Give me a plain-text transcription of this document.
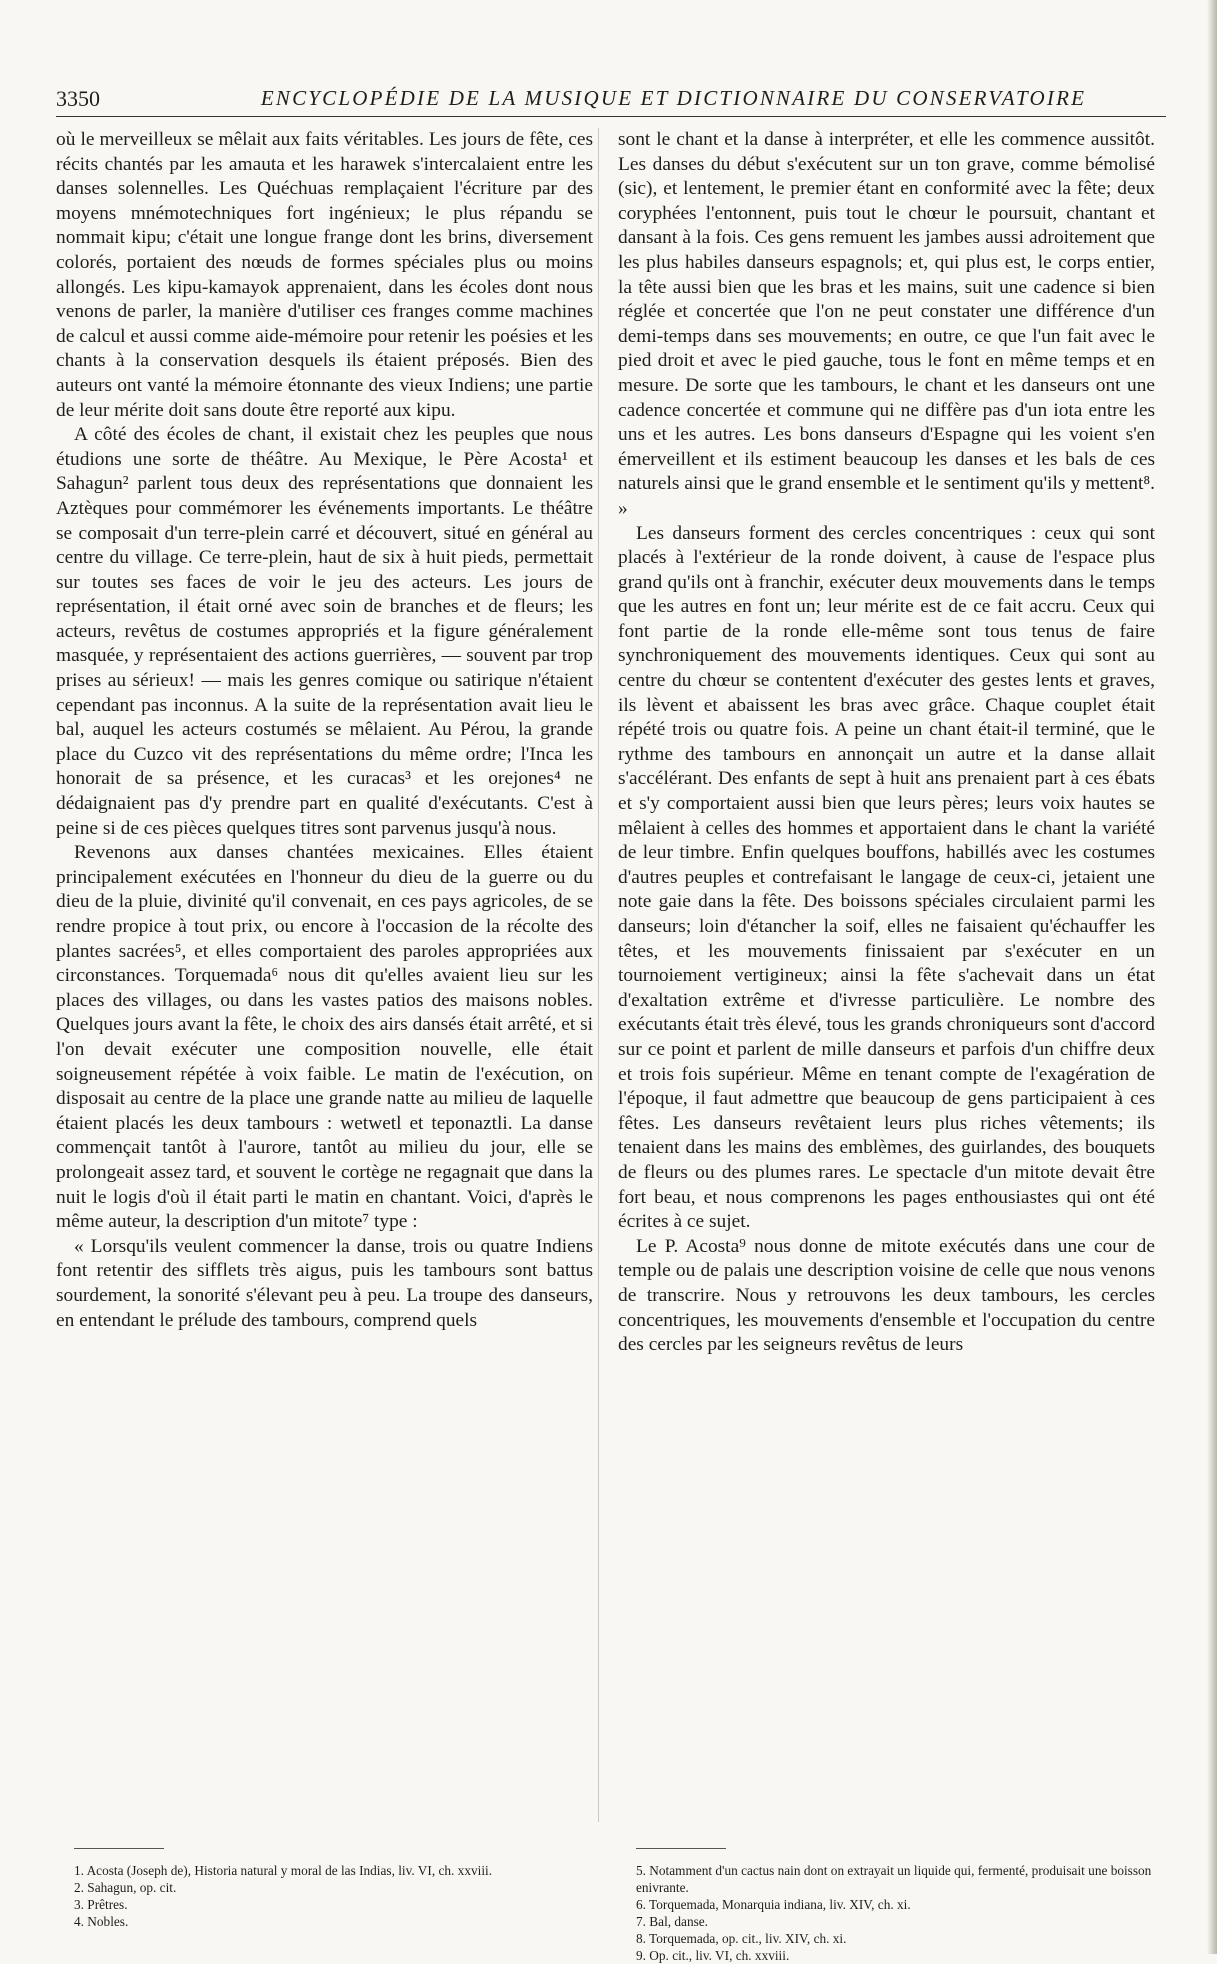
3350	ENCYCLOPÉDIE DE LA MUSIQUE ET DICTIONNAIRE DU CONSERVATOIRE

où le merveilleux se mêlait aux faits véritables. Les jours de fête, ces récits chantés par les amauta et les harawek s'intercalaient entre les danses solennelles. Les Quéchuas remplaçaient l'écriture par des moyens mnémotechniques fort ingénieux; le plus répandu se nommait kipu; c'était une longue frange dont les brins, diversement colorés, portaient des nœuds de formes spéciales plus ou moins allongés. Les kipu-kamayok apprenaient, dans les écoles dont nous venons de parler, la manière d'utiliser ces franges comme machines de calcul et aussi comme aide-mémoire pour retenir les poésies et les chants à la conservation desquels ils étaient préposés. Bien des auteurs ont vanté la mémoire étonnante des vieux Indiens; une partie de leur mérite doit sans doute être reporté aux kipu.

A côté des écoles de chant, il existait chez les peuples que nous étudions une sorte de théâtre. Au Mexique, le Père Acosta¹ et Sahagun² parlent tous deux des représentations que donnaient les Aztèques pour commémorer les événements importants. Le théâtre se composait d'un terre-plein carré et découvert, situé en général au centre du village. Ce terre-plein, haut de six à huit pieds, permettait sur toutes ses faces de voir le jeu des acteurs. Les jours de représentation, il était orné avec soin de branches et de fleurs; les acteurs, revêtus de costumes appropriés et la figure généralement masquée, y représentaient des actions guerrières, — souvent par trop prises au sérieux! — mais les genres comique ou satirique n'étaient cependant pas inconnus. A la suite de la représentation avait lieu le bal, auquel les acteurs costumés se mêlaient. Au Pérou, la grande place du Cuzco vit des représentations du même ordre; l'Inca les honorait de sa présence, et les curacas³ et les orejones⁴ ne dédaignaient pas d'y prendre part en qualité d'exécutants. C'est à peine si de ces pièces quelques titres sont parvenus jusqu'à nous.

Revenons aux danses chantées mexicaines. Elles étaient principalement exécutées en l'honneur du dieu de la guerre ou du dieu de la pluie, divinité qu'il convenait, en ces pays agricoles, de se rendre propice à tout prix, ou encore à l'occasion de la récolte des plantes sacrées⁵, et elles comportaient des paroles appropriées aux circonstances. Torquemada⁶ nous dit qu'elles avaient lieu sur les places des villages, ou dans les vastes patios des maisons nobles. Quelques jours avant la fête, le choix des airs dansés était arrêté, et si l'on devait exécuter une composition nouvelle, elle était soigneusement répétée à voix faible. Le matin de l'exécution, on disposait au centre de la place une grande natte au milieu de laquelle étaient placés les deux tambours : wetwetl et teponaztli. La danse commençait tantôt à l'aurore, tantôt au milieu du jour, elle se prolongeait assez tard, et souvent le cortège ne regagnait que dans la nuit le logis d'où il était parti le matin en chantant. Voici, d'après le même auteur, la description d'un mitote⁷ type :

« Lorsqu'ils veulent commencer la danse, trois ou quatre Indiens font retentir des sifflets très aigus, puis les tambours sont battus sourdement, la sonorité s'élevant peu à peu. La troupe des danseurs, en entendant le prélude des tambours, comprend quels

sont le chant et la danse à interpréter, et elle les commence aussitôt. Les danses du début s'exécutent sur un ton grave, comme bémolisé (sic), et lentement, le premier étant en conformité avec la fête; deux coryphées l'entonnent, puis tout le chœur le poursuit, chantant et dansant à la fois. Ces gens remuent les jambes aussi adroitement que les plus habiles danseurs espagnols; et, qui plus est, le corps entier, la tête aussi bien que les bras et les mains, suit une cadence si bien réglée et concertée que l'on ne peut constater une différence d'un demi-temps dans ses mouvements; en outre, ce que l'un fait avec le pied droit et avec le pied gauche, tous le font en même temps et en mesure. De sorte que les tambours, le chant et les danseurs ont une cadence concertée et commune qui ne diffère pas d'un iota entre les uns et les autres. Les bons danseurs d'Espagne qui les voient s'en émerveillent et ils estiment beaucoup les danses et les bals de ces naturels ainsi que le grand ensemble et le sentiment qu'ils y mettent⁸. »

Les danseurs forment des cercles concentriques : ceux qui sont placés à l'extérieur de la ronde doivent, à cause de l'espace plus grand qu'ils ont à franchir, exécuter deux mouvements dans le temps que les autres en font un; leur mérite est de ce fait accru. Ceux qui font partie de la ronde elle-même sont tous tenus de faire synchroniquement des mouvements identiques. Ceux qui sont au centre du chœur se contentent d'exécuter des gestes lents et graves, ils lèvent et abaissent les bras avec grâce. Chaque couplet était répété trois ou quatre fois. A peine un chant était-il terminé, que le rythme des tambours en annonçait un autre et la danse allait s'accélérant. Des enfants de sept à huit ans prenaient part à ces ébats et s'y comportaient aussi bien que leurs pères; leurs voix hautes se mêlaient à celles des hommes et apportaient dans le chant la variété de leur timbre. Enfin quelques bouffons, habillés avec les costumes d'autres peuples et contrefaisant le langage de ceux-ci, jetaient une note gaie dans la fête. Des boissons spéciales circulaient parmi les danseurs; loin d'étancher la soif, elles ne faisaient qu'échauffer les têtes, et les mouvements finissaient par s'exécuter en un tournoiement vertigineux; ainsi la fête s'achevait dans un état d'exaltation extrême et d'ivresse particulière. Le nombre des exécutants était très élevé, tous les grands chroniqueurs sont d'accord sur ce point et parlent de mille danseurs et parfois d'un chiffre deux et trois fois supérieur. Même en tenant compte de l'exagération de l'époque, il faut admettre que beaucoup de gens participaient à ces fêtes. Les danseurs revêtaient leurs plus riches vêtements; ils tenaient dans les mains des emblèmes, des guirlandes, des bouquets de fleurs ou des plumes rares. Le spectacle d'un mitote devait être fort beau, et nous comprenons les pages enthousiastes qui ont été écrites à ce sujet.

Le P. Acosta⁹ nous donne de mitote exécutés dans une cour de temple ou de palais une description voisine de celle que nous venons de transcrire. Nous y retrouvons les deux tambours, les cercles concentriques, les mouvements d'ensemble et l'occupation du centre des cercles par les seigneurs revêtus de leurs

1. Acosta (Joseph de), Historia natural y moral de las Indias, liv. VI, ch. xxviii.

2. Sahagun, op. cit.

3. Prêtres.

4. Nobles.

5. Notamment d'un cactus nain dont on extrayait un liquide qui, fermenté, produisait une boisson enivrante.

6. Torquemada, Monarquia indiana, liv. XIV, ch. xi.

7. Bal, danse.

8. Torquemada, op. cit., liv. XIV, ch. xi.

9. Op. cit., liv. VI, ch. xxviii.
